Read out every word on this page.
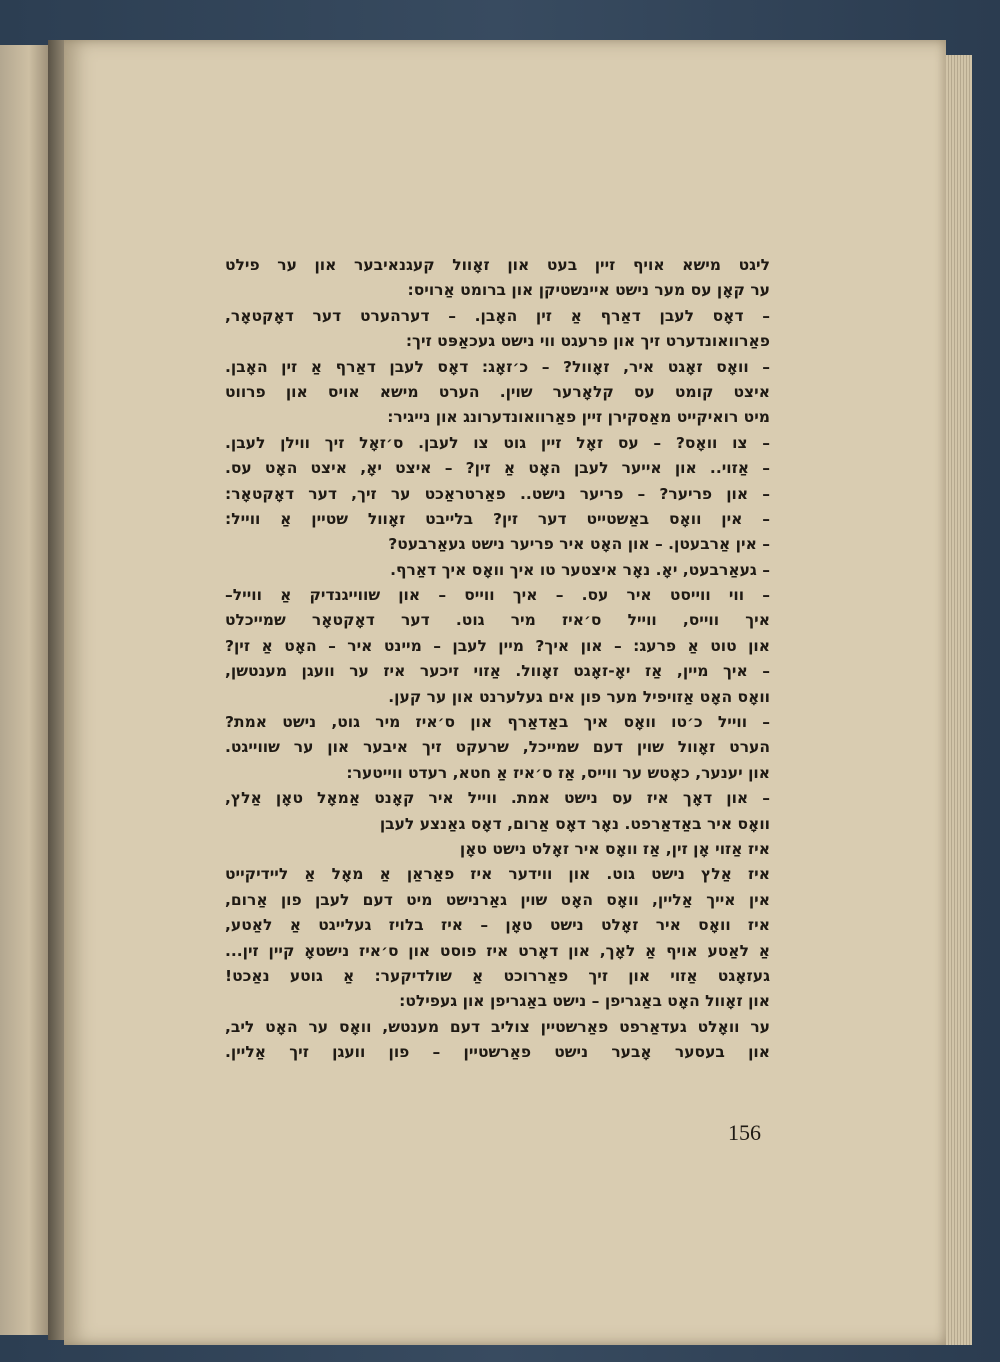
ליגט מישא אויף זיין בעט און זאָוול קעגנאיבער און ער פילט
ער קאָן עס מער נישט איינשטיקן און ברומט אַרויס:
– דאָס לעבן דאַרף אַ זין האָבן. – דערהערט דער דאָקטאָר,
פאַרוואונדערט זיך און פרעגט ווי נישט געכאַפּט זיך:
– וואָס זאָגט איר, זאָוול? – כ׳זאָג: דאָס לעבן דאַרף אַ זין האָבן.
איצט קומט עס קלאָרער שוין. הערט מישא אויס און פרווט
מיט רואיקייט מאַסקירן זיין פאַרוואונדערונג און נייגיר:
– צו וואָס? – עס זאָל זיין גוט צו לעבן. ס׳זאָל זיך ווילן לעבן.
– אַזוי.. און אייער לעבן האָט אַ זין? – איצט יאָ, איצט האָט עס.
– און פריער? – פריער נישט.. פאַרטראַכט ער זיך, דער דאָקטאָר:
– אין וואָס באַשטייט דער זין? בלייבט זאָוול שטיין אַ ווייל:
– אין אַרבעטן. – און האָט איר פריער נישט געאַרבעט?
– געאַרבעט, יאָ. נאָר איצטער טו איך וואָס איך דאַרף.
– ווי ווייסט איר עס. – איך ווייס – און שווייגנדיק אַ ווייל–
איך ווייס, ווייל ס׳איז מיר גוט. דער דאָקטאָר שמייכלט
און טוט אַ פרעג: – און איך? מיין לעבן – מיינט איר – האָט אַ זין?
– איך מיין, אַז יאָ-זאָגט זאָוול. אַזוי זיכער איז ער וועגן מענטשן,
וואָס האָט אַזויפיל מער פון אים געלערנט און ער קען.
– ווייל כ׳טו וואָס איך באַדאַרף און ס׳איז מיר גוט, נישט אמת?
הערט זאָוול שוין דעם שמייכל, שרעקט זיך איבער און ער שווייגט.
און יענער, כאָטש ער ווייס, אַז ס׳איז אַ חטא, רעדט ווייטער:
– און דאָך איז עס נישט אמת. ווייל איר קאָנט אַמאָל טאָן אַלץ,
וואָס איר באַדאַרפט. נאָר דאָס אַרום, דאָס גאַנצע לעבן
איז אַזוי אָן זין, אַז וואָס איר זאָלט נישט טאָן
איז אַלץ נישט גוט. און ווידער איז פאַראַן אַ מאָל אַ ליידיקייט
אין אייך אַליין, וואָס האָט שוין גאַרנישט מיט דעם לעבן פון אַרום,
איז וואָס איר זאָלט נישט טאָן – איז בלויז געלייגט אַ לאַטע,
אַ לאַטע אויף אַ לאָך, און דאָרט איז פוסט און ס׳איז נישטאָ קיין זין...
געזאָגט אַזוי און זיך פאַררוכט אַ שולדיקער: אַ גוטע נאַכט!
און זאָוול האָט באַגריפן – נישט באַגריפן און געפילט:
ער וואָלט געדאַרפט פאַרשטיין צוליב דעם מענטש, וואָס ער האָט ליב,
און בעסער אָבער נישט פאַרשטיין – פון וועגן זיך אַליין.
156
